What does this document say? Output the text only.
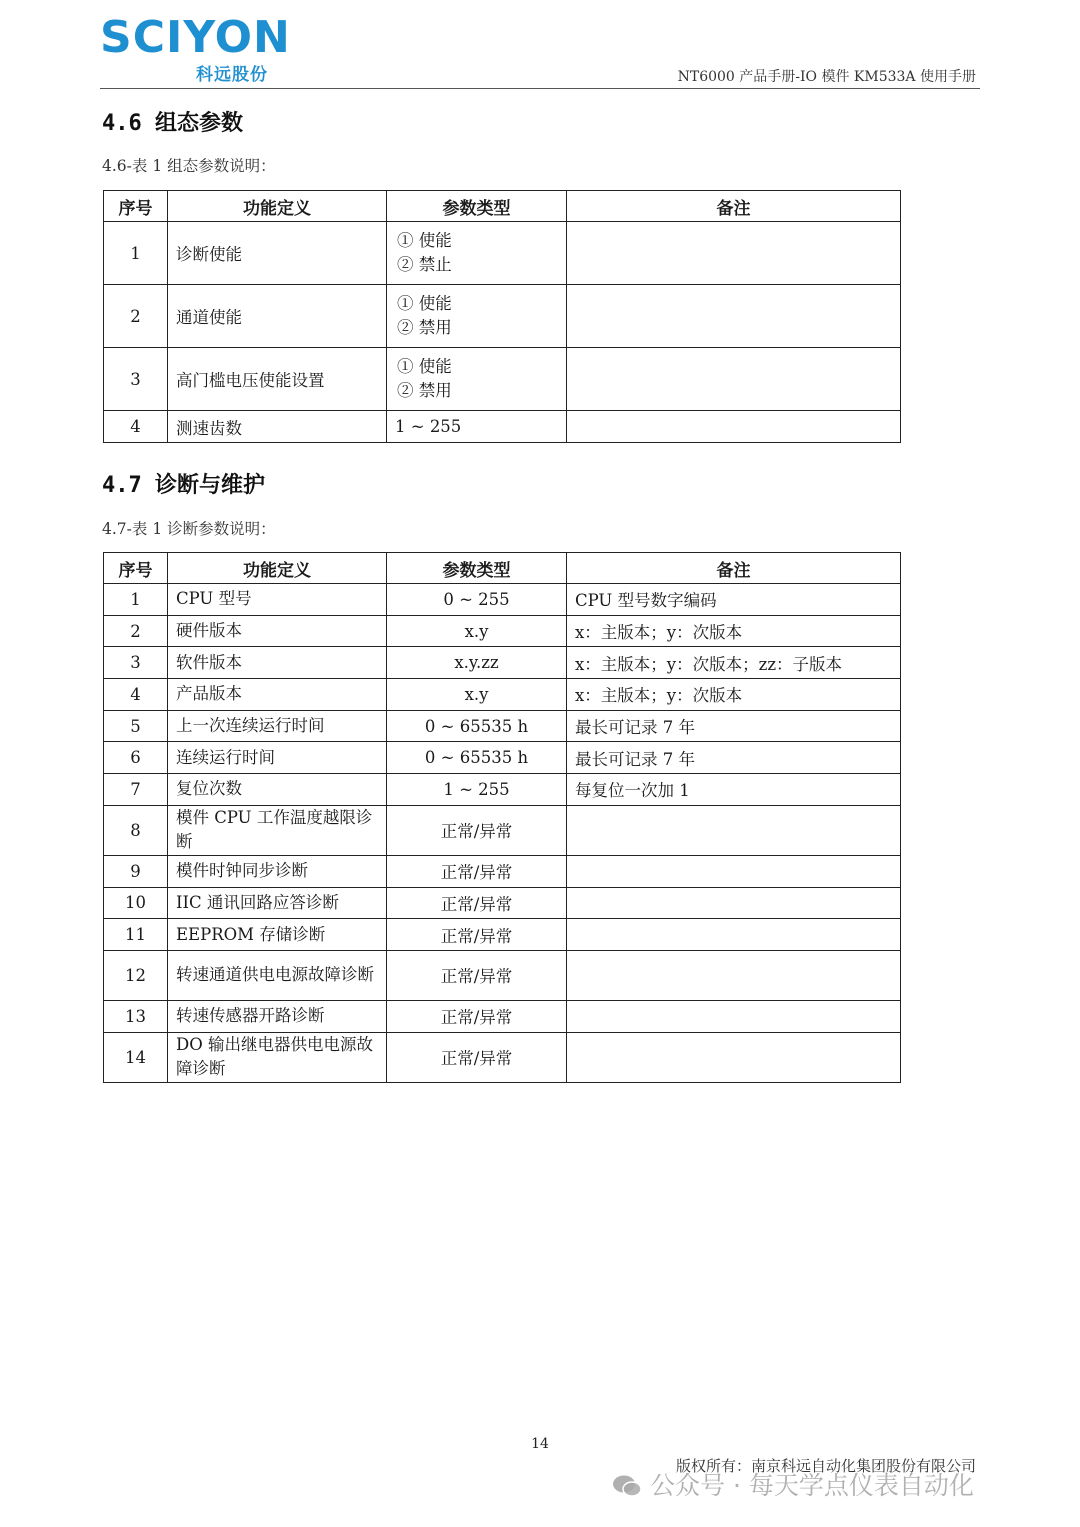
SCIYON
科远股份	NT6000 产品手册-IO 模件 KM533A 使用手册
4.6 组态参数
4.6-表 1 组态参数说明：
序号	功能定义	参数类型	备注
1	诊断使能	① 使能
② 禁止	

2	通道使能	① 使能
② 禁用	

3	高门槛电压使能设置	① 使能
② 禁用	

4	测速齿数	1 ~ 255	
4.7 诊断与维护
4.7-表 1 诊断参数说明：
序号	功能定义	参数类型	备注
1	CPU 型号	0 ~ 255	CPU 型号数字编码
2	硬件版本	x.y	x：主版本；y：次版本
3	软件版本	x.y.zz	x：主版本；y：次版本；zz：子版本
4	产品版本	x.y	x：主版本；y：次版本
5	上一次连续运行时间	0 ~ 65535 h	最长可记录 7 年
6	连续运行时间	0 ~ 65535 h	最长可记录 7 年
7	复位次数	1 ~ 255	每复位一次加 1
8	模件 CPU 工作温度越限诊断	正常/异常	
9	模件时钟同步诊断	正常/异常	
10	IIC 通讯回路应答诊断	正常/异常	
11	EEPROM 存储诊断	正常/异常	
12	转速通道供电电源故障诊断	正常/异常	
13	转速传感器开路诊断	正常/异常	
14	DO 输出继电器供电电源故障诊断	正常/异常	
14
版权所有：南京科远自动化集团股份有限公司
公众号 · 每天学点仪表自动化
